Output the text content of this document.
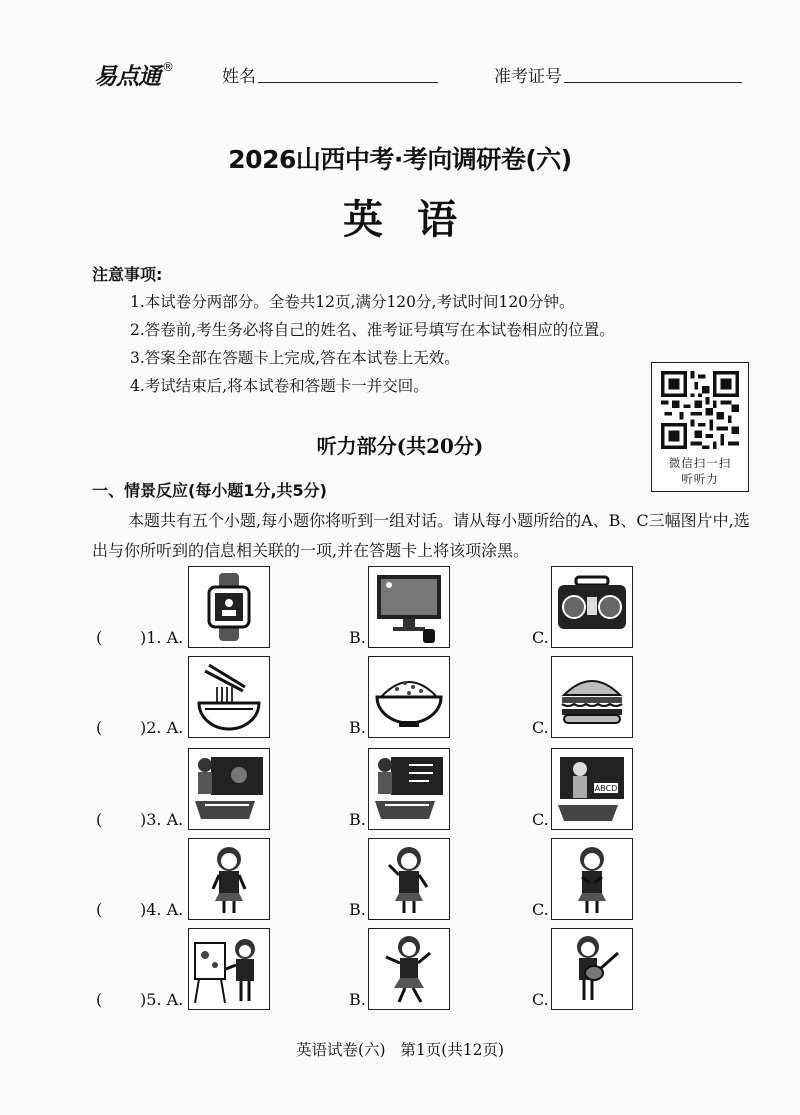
易点通 ®	姓名	准考证号
2026山西中考·考向调研卷(六)
英语
注意事项:
1.本试卷分两部分。全卷共12页,满分120分,考试时间120分钟。
2.答卷前,考生务必将自己的姓名、准考证号填写在本试卷相应的位置。
3.答案全部在答题卡上完成,答在本试卷上无效。
4.考试结束后,将本试卷和答题卡一并交回。
微信扫一扫
听听力
听力部分(共20分)
一、情景反应(每小题1分,共5分)
本题共有五个小题,每小题你将听到一组对话。请从每小题所给的A、B、C三幅图片中,选出与你所听到的信息相关联的一项,并在答题卡上将该项涂黑。
( )1. A.	B.	C.
( )2. A.	B.	C.
( )3. A.	B.	C.
ABCD
( )4. A.	B.	C.
( )5. A.	B.	C.
英语试卷(六)   第1页(共12页)
